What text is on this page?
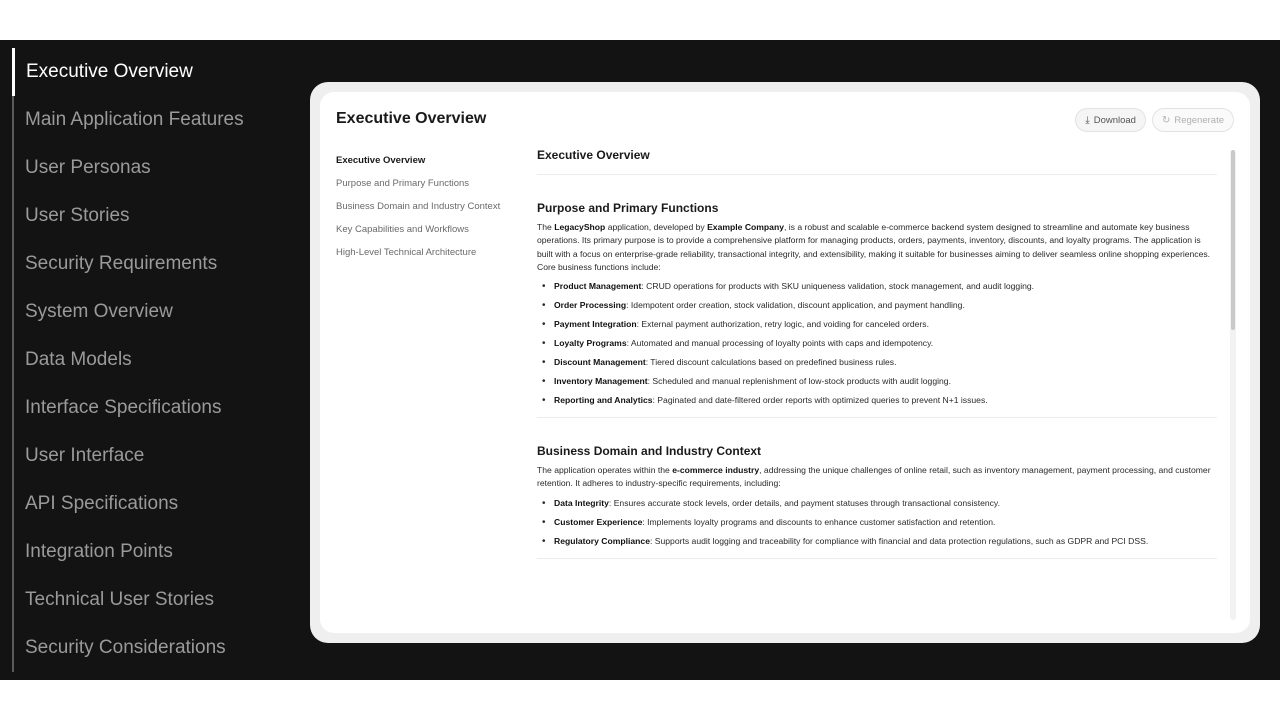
Executive Overview
Main Application Features
User Personas
User Stories
Security Requirements
System Overview
Data Models
Interface Specifications
User Interface
API Specifications
Integration Points
Technical User Stories
Security Considerations
Executive Overview	⤓ Download	↻ Regenerate
Executive Overview
Purpose and Primary Functions
Business Domain and Industry Context
Key Capabilities and Workflows
High-Level Technical Architecture
Executive Overview
Purpose and Primary Functions

The LegacyShop application, developed by Example Company, is a robust and scalable e-commerce backend system designed to streamline and automate key business operations. Its primary purpose is to provide a comprehensive platform for managing products, orders, payments, inventory, discounts, and loyalty programs. The application is built with a focus on enterprise-grade reliability, transactional integrity, and extensibility, making it suitable for businesses aiming to deliver seamless online shopping experiences. Core business functions include:

• Product Management: CRUD operations for products with SKU uniqueness validation, stock management, and audit logging.
• Order Processing: Idempotent order creation, stock validation, discount application, and payment handling.
• Payment Integration: External payment authorization, retry logic, and voiding for canceled orders.
• Loyalty Programs: Automated and manual processing of loyalty points with caps and idempotency.
• Discount Management: Tiered discount calculations based on predefined business rules.
• Inventory Management: Scheduled and manual replenishment of low-stock products with audit logging.
• Reporting and Analytics: Paginated and date-filtered order reports with optimized queries to prevent N+1 issues.
Business Domain and Industry Context

The application operates within the e-commerce industry, addressing the unique challenges of online retail, such as inventory management, payment processing, and customer retention. It adheres to industry-specific requirements, including:

• Data Integrity: Ensures accurate stock levels, order details, and payment statuses through transactional consistency.
• Customer Experience: Implements loyalty programs and discounts to enhance customer satisfaction and retention.
• Regulatory Compliance: Supports audit logging and traceability for compliance with financial and data protection regulations, such as GDPR and PCI DSS.
